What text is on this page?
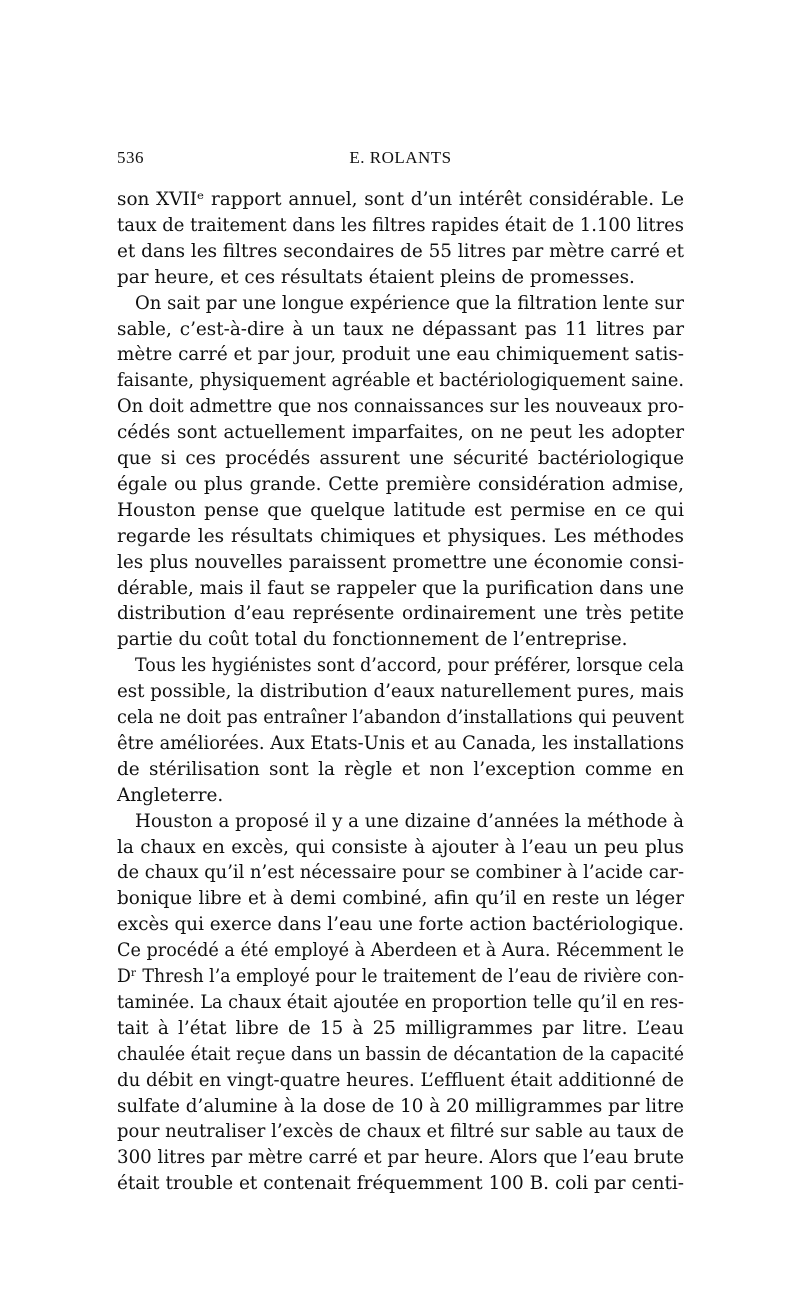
536	E. ROLANTS
son XVIIᵉ rapport annuel, sont d’un intérêt considérable. Le
taux de traitement dans les filtres rapides était de 1.100 litres
et dans les filtres secondaires de 55 litres par mètre carré et
par heure, et ces résultats étaient pleins de promesses.
On sait par une longue expérience que la filtration lente sur
sable, c’est-à-dire à un taux ne dépassant pas 11 litres par
mètre carré et par jour, produit une eau chimiquement satis-
faisante, physiquement agréable et bactériologiquement saine.
On doit admettre que nos connaissances sur les nouveaux pro-
cédés sont actuellement imparfaites, on ne peut les adopter
que si ces procédés assurent une sécurité bactériologique
égale ou plus grande. Cette première considération admise,
Houston pense que quelque latitude est permise en ce qui
regarde les résultats chimiques et physiques. Les méthodes
les plus nouvelles paraissent promettre une économie consi-
dérable, mais il faut se rappeler que la purification dans une
distribution d’eau représente ordinairement une très petite
partie du coût total du fonctionnement de l’entreprise.
Tous les hygiénistes sont d’accord, pour préférer, lorsque cela
est possible, la distribution d’eaux naturellement pures, mais
cela ne doit pas entraîner l’abandon d’installations qui peuvent
être améliorées. Aux Etats-Unis et au Canada, les installations
de stérilisation sont la règle et non l’exception comme en
Angleterre.
Houston a proposé il y a une dizaine d’années la méthode à
la chaux en excès, qui consiste à ajouter à l’eau un peu plus
de chaux qu’il n’est nécessaire pour se combiner à l’acide car-
bonique libre et à demi combiné, afin qu’il en reste un léger
excès qui exerce dans l’eau une forte action bactériologique.
Ce procédé a été employé à Aberdeen et à Aura. Récemment le
Dʳ Thresh l’a employé pour le traitement de l’eau de rivière con-
taminée. La chaux était ajoutée en proportion telle qu’il en res-
tait à l’état libre de 15 à 25 milligrammes par litre. L’eau
chaulée était reçue dans un bassin de décantation de la capacité
du débit en vingt-quatre heures. L’effluent était additionné de
sulfate d’alumine à la dose de 10 à 20 milligrammes par litre
pour neutraliser l’excès de chaux et filtré sur sable au taux de
300 litres par mètre carré et par heure. Alors que l’eau brute
était trouble et contenait fréquemment 100 B. coli par centi-
